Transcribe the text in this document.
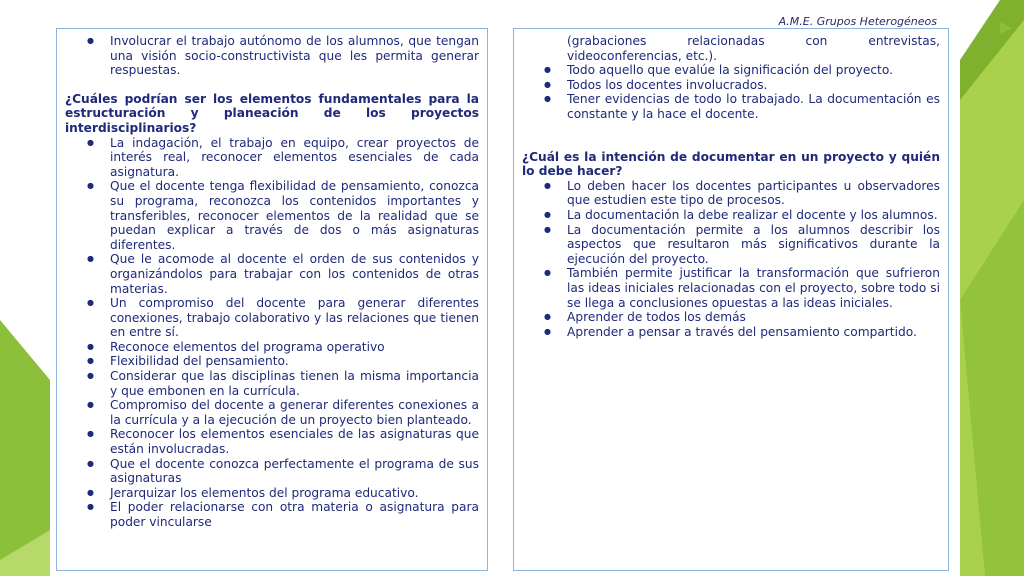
A.M.E. Grupos Heterogéneos
● Involucrar el trabajo autónomo de los alumnos, que tengan una visión socio-constructivista que les permita generar respuestas.

¿Cuáles podrían ser los elementos fundamentales para la estructuración y planeación de los proyectos interdisciplinarios?

● La indagación, el trabajo en equipo, crear proyectos de interés real, reconocer elementos esenciales de cada asignatura.
● Que el docente tenga flexibilidad de pensamiento, conozca su programa, reconozca los contenidos importantes y transferibles, reconocer elementos de la realidad que se puedan explicar a través de dos o más asignaturas diferentes.
● Que le acomode al docente el orden de sus contenidos y organizándolos para trabajar con los contenidos de otras materias.
● Un compromiso del docente para generar diferentes conexiones, trabajo colaborativo y las relaciones que tienen en entre sí.
● Reconoce elementos del programa operativo
● Flexibilidad del pensamiento.
● Considerar que las disciplinas tienen la misma importancia y que embonen en la currícula.
● Compromiso del docente a generar diferentes conexiones a la currícula y a la ejecución de un proyecto bien planteado.
● Reconocer los elementos esenciales de las asignaturas que están involucradas.
● Que el docente conozca perfectamente el programa de sus asignaturas
● Jerarquizar los elementos del programa educativo.
● El poder relacionarse con otra materia o asignatura para poder vincularse
(grabaciones relacionadas con entrevistas, videoconferencias, etc.).
● Todo aquello que evalúe la significación del proyecto.
● Todos los docentes involucrados.
● Tener evidencias de todo lo trabajado. La documentación es constante y la hace el docente.

¿Cuál es la intención de documentar en un proyecto y quién lo debe hacer?

● Lo deben hacer los docentes participantes u observadores que estudien este tipo de procesos.
● La documentación la debe realizar el docente y los alumnos.
● La documentación permite a los alumnos describir los aspectos que resultaron más significativos durante la ejecución del proyecto.
● También permite justificar la transformación que sufrieron las ideas iniciales relacionadas con el proyecto, sobre todo si se llega a conclusiones opuestas a las ideas iniciales.
● Aprender de todos los demás
● Aprender a pensar a través del pensamiento compartido.
